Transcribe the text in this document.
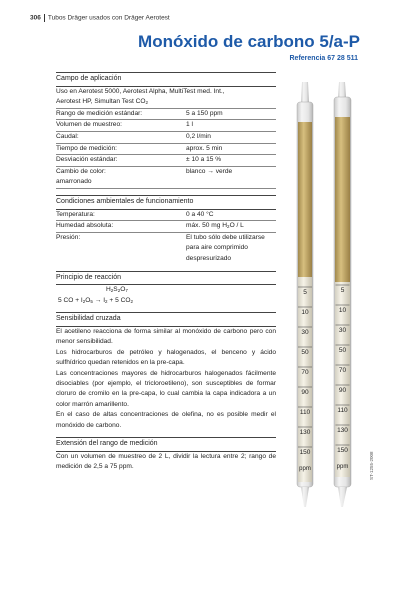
306 Tubos Dräger usados con Dräger Aerotest
Monóxido de carbono 5/a-P
Referencia 67 28 511
Campo de aplicación
Uso en Aerotest 5000, Aerotest Alpha, MultiTest med. Int.,
Aerotest HP, Simultan Test $CO_2$
Rango de medición estándar:	5 a 150 ppm
Volumen de muestreo:	1 l
Caudal:	0,2 l/min
Tiempo de medición:	aprox. 5 min
Desviación estándar:	± 10 a 15 %
Cambio de color:	blanco → verde
amarronado
Condiciones ambientales de funcionamiento
Temperatura:	0 a 40 °C
Humedad absoluta:	máx. 50 mg $H_2O$ / L
Presión:	El tubo sólo debe utilizarse
para aire comprimido
despresurizado
Principio de reacción
$H_2S_2O_7$
5 CO + $I_2O_5 \to I_2 + 5$ $CO_2$
Sensibilidad cruzada
El acetileno reacciona de forma similar al monóxido de carbono pero con menor sensibilidad.
Los hidrocarburos de petróleo y halogenados, el benceno y ácido sulfhídrico quedan retenidos en la pre-capa.
Las concentraciones mayores de hidrocarburos halogenados fácilmente disociables (por ejemplo, el tricloroetileno), son susceptibles de formar cloruro de cromilo en la pre-capa, lo cual cambia la capa indicadora a un color marrón amarillento.
En el caso de altas concentraciones de olefina, no es posible medir el monóxido de carbono.
Extensión del rango de medición
Con un volumen de muestreo de 2 L, dividir la lectura entre 2; rango de medición de 2,5 a 75 ppm.
5
10
30
50
70
90
110
130
150
ppm
5
10
30
50
70
90
110
130
150
ppm	ST-1255-2008
